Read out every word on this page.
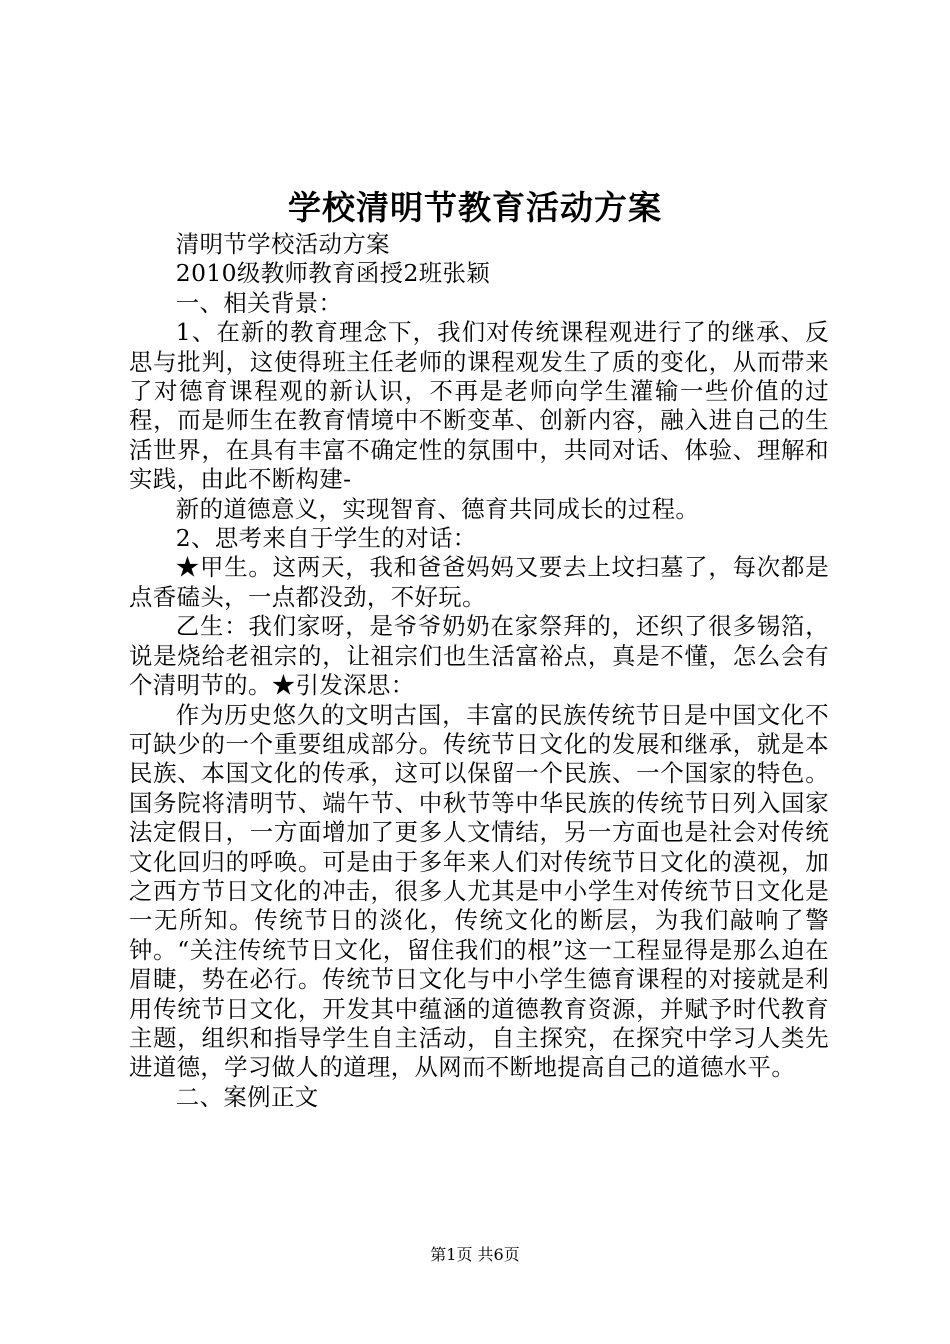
学校清明节教育活动方案

清明节学校活动方案

2010级教师教育函授2班张颖

一、相关背景：

1、在新的教育理念下，我们对传统课程观进行了的继承、反思与批判，这使得班主任老师的课程观发生了质的变化，从而带来了对德育课程观的新认识，不再是老师向学生灌输一些价值的过程，而是师生在教育情境中不断变革、创新内容，融入进自己的生活世界，在具有丰富不确定性的氛围中，共同对话、体验、理解和实践，由此不断构建-

新的道德意义，实现智育、德育共同成长的过程。

2、思考来自于学生的对话：

★甲生。这两天，我和爸爸妈妈又要去上坟扫墓了，每次都是点香磕头，一点都没劲，不好玩。

乙生：我们家呀，是爷爷奶奶在家祭拜的，还织了很多锡箔，说是烧给老祖宗的，让祖宗们也生活富裕点，真是不懂，怎么会有个清明节的。★引发深思：

作为历史悠久的文明古国，丰富的民族传统节日是中国文化不可缺少的一个重要组成部分。传统节日文化的发展和继承，就是本民族、本国文化的传承，这可以保留一个民族、一个国家的特色。国务院将清明节、端午节、中秋节等中华民族的传统节日列入国家法定假日，一方面增加了更多人文情结，另一方面也是社会对传统文化回归的呼唤。可是由于多年来人们对传统节日文化的漠视，加之西方节日文化的冲击，很多人尤其是中小学生对传统节日文化是一无所知。传统节日的淡化，传统文化的断层，为我们敲响了警钟。“关注传统节日文化，留住我们的根”这一工程显得是那么迫在眉睫，势在必行。传统节日文化与中小学生德育课程的对接就是利用传统节日文化，开发其中蕴涵的道德教育资源，并赋予时代教育主题，组织和指导学生自主活动，自主探究，在探究中学习人类先进道德，学习做人的道理，从网而不断地提高自己的道德水平。

二、案例正文

第1页 共6页
